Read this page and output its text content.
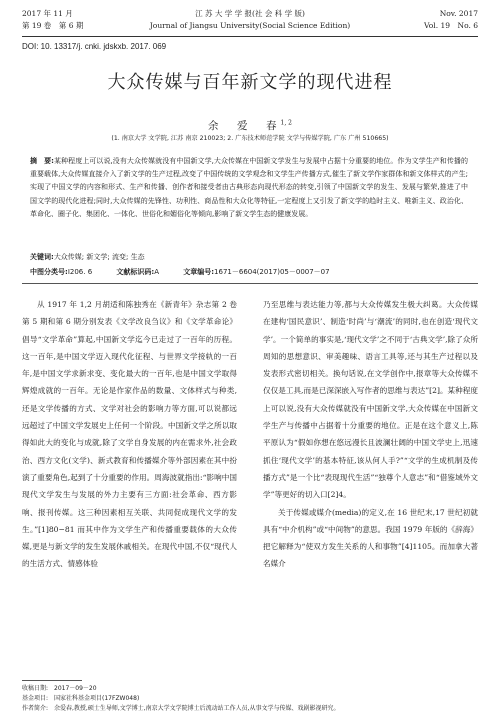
2017 年 11 月
第 19 卷　第 6 期
江 苏 大 学 学 报(社 会 科 学 版)
Journal of Jiangsu University(Social Science Edition)
Nov. 2017
Vol. 19　No. 6
DOI: 10. 13317/j. cnki. jdskxb. 2017. 069
大众传媒与百年新文学的现代进程
余　爱　春$^{1, 2}$
(1. 南京大学 文学院, 江苏 南京 210023; 2. 广东技术师范学院 文学与传媒学院, 广东 广州 510665)
摘　要:某种程度上可以说,没有大众传媒就没有中国新文学,大众传媒在中国新文学发生与发展中占据十分重要的地位。作为文学生产和传播的重要载体,大众传媒直接介入了新文学的生产过程,改变了中国传统的文学观念和文学生产传播方式,催生了新文学作家群体和新文体样式的产生;实现了中国文学的内容和形式、生产和传播、创作者和接受者由古典形态向现代形态的转变,引领了中国新文学的发生、发展与繁荣,推进了中国文学的现代化进程;同时,大众传媒的先锋性、功利性、商品性和大众化等特征,一定程度上又引发了新文学的趋时主义、唯新主义、政治化、革命化、圈子化、集团化、一体化、世俗化和媚俗化等倾向,影响了新文学生态的健康发展。
关键词:大众传媒; 新文学; 流变; 生态
中图分类号:I206. 6	文献标识码:A	文章编号:1671－6604(2017)05－0007－07

从 1917 年 1,2 月胡适和陈独秀在《新青年》杂志第 2 卷第 5 期和第 6 期分别发表《文学改良刍议》和《文学革命论》倡导“文学革命”算起,中国新文学迄今已走过了一百年的历程。这一百年,是中国文学迈入现代化征程、与世界文学接轨的一百年,是中国文学求新求变、变化最大的一百年,也是中国文学取得辉煌成就的一百年。无论是作家作品的数量、文体样式与种类,还是文学传播的方式、文学对社会的影响力等方面,可以说都远远超过了中国文学发展史上任何一个阶段。中国新文学之所以取得如此大的变化与成就,除了文学自身发展的内在需求外,社会政治、西方文化(文学)、新式教育和传播媒介等外部因素在其中扮演了重要角色,起到了十分重要的作用。周海波就指出:“影响中国现代文学发生与发展的外力主要有三方面:社会革命、西方影响、报刊传媒。这三种因素相互关联、共同促成现代文学的发生。”[1]80−81 而其中作为文学生产和传播重要载体的大众传媒,更是与新文学的发生发展休戚相关。在现代中国,不仅“现代人的生活方式、情感体验

乃至思维与表达能力等,都与大众传媒发生极大纠葛。大众传媒在建构‘国民意识’、制造‘时尚’与‘潮流’的同时,也在创造‘现代文学’。一个简单的事实是,‘现代文学’之不同于‘古典文学’,除了众所周知的思想意识、审美趣味、语言工具等,还与其生产过程以及发表形式密切相关。换句话说,在文学创作中,报章等大众传媒不仅仅是工具,而是已深深嵌入写作者的思维与表达”[2]。某种程度上可以说,没有大众传媒就没有中国新文学,大众传媒在中国新文学生产与传播中占据着十分重要的地位。正是在这个意义上,陈平原认为“假如你想在悠远漫长且波澜壮阔的中国文学史上,迅速抓住‘现代文学’的基本特征,该从何人手?”“文学的生成机制及传播方式”是一个比“表现现代生活”“独尊个人意志”和“借鉴域外文学”等更好的切入口[2]4。

关于传媒或媒介(media)的定义,在 16 世纪末,17 世纪初就具有“中介机构”或“中间物”的意思。我国 1979 年版的《辞海》把它解释为“使双方发生关系的人和事物”[4]1105。而加拿大著名媒介

收稿日期:　2017－09－20
基金项目:　国家社科基金项目(17FZW048)
作者简介:　余爱春,教授,硕士生导师,文学博士,南京大学文学院博士后流动站工作人员,从事文学与传媒、戏剧影视研究。
